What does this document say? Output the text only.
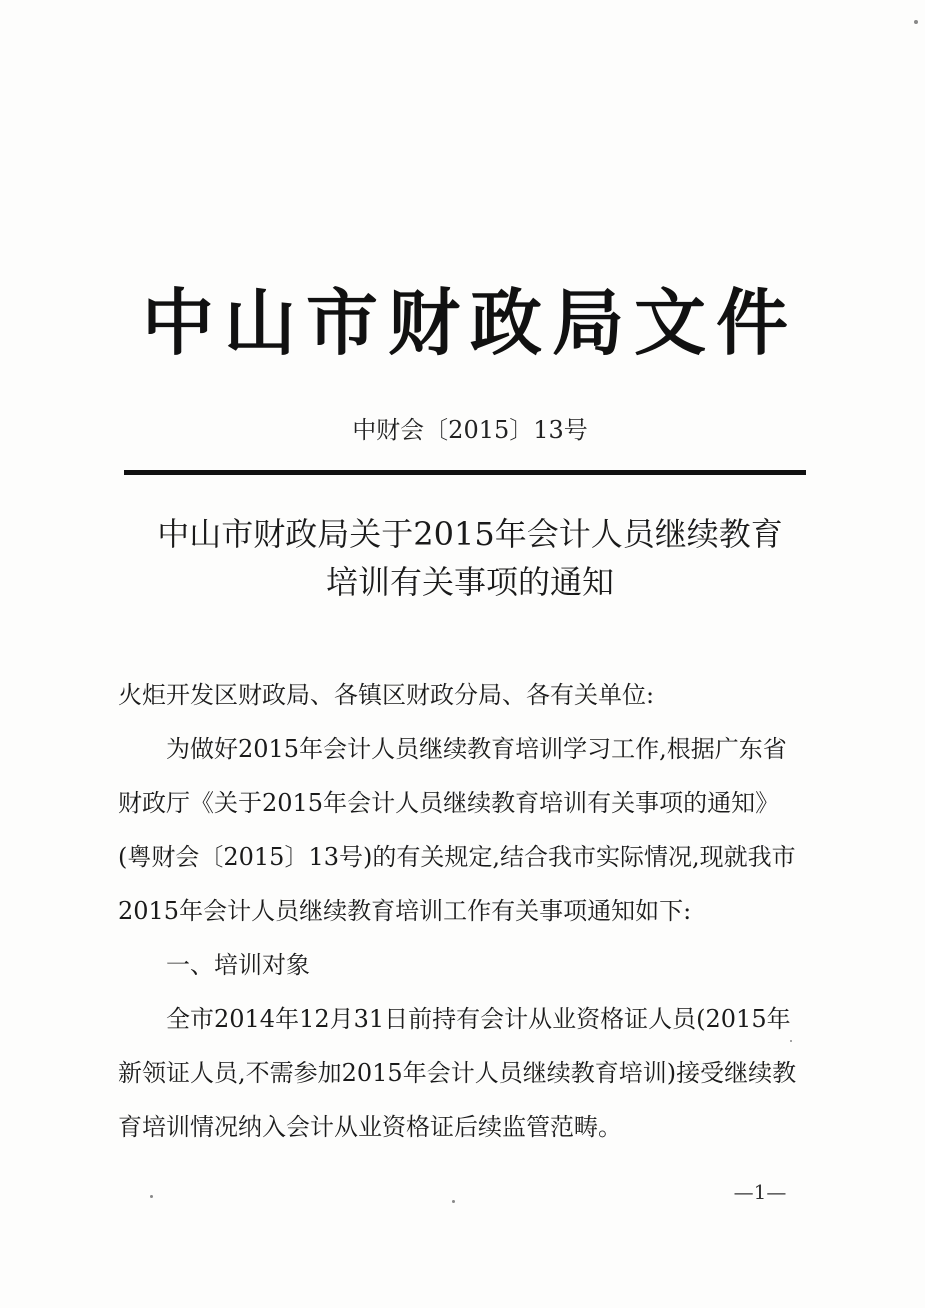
中山市财政局文件
中财会〔2015〕13号
中山市财政局关于2015年会计人员继续教育
培训有关事项的通知

火炬开发区财政局、各镇区财政分局、各有关单位:

为做好2015年会计人员继续教育培训学习工作,根据广东省财政厅《关于2015年会计人员继续教育培训有关事项的通知》(粤财会〔2015〕13号)的有关规定,结合我市实际情况,现就我市2015年会计人员继续教育培训工作有关事项通知如下:

一、培训对象

全市2014年12月31日前持有会计从业资格证人员(2015年新领证人员,不需参加2015年会计人员继续教育培训)接受继续教育培训情况纳入会计从业资格证后续监管范畴。

—1—
